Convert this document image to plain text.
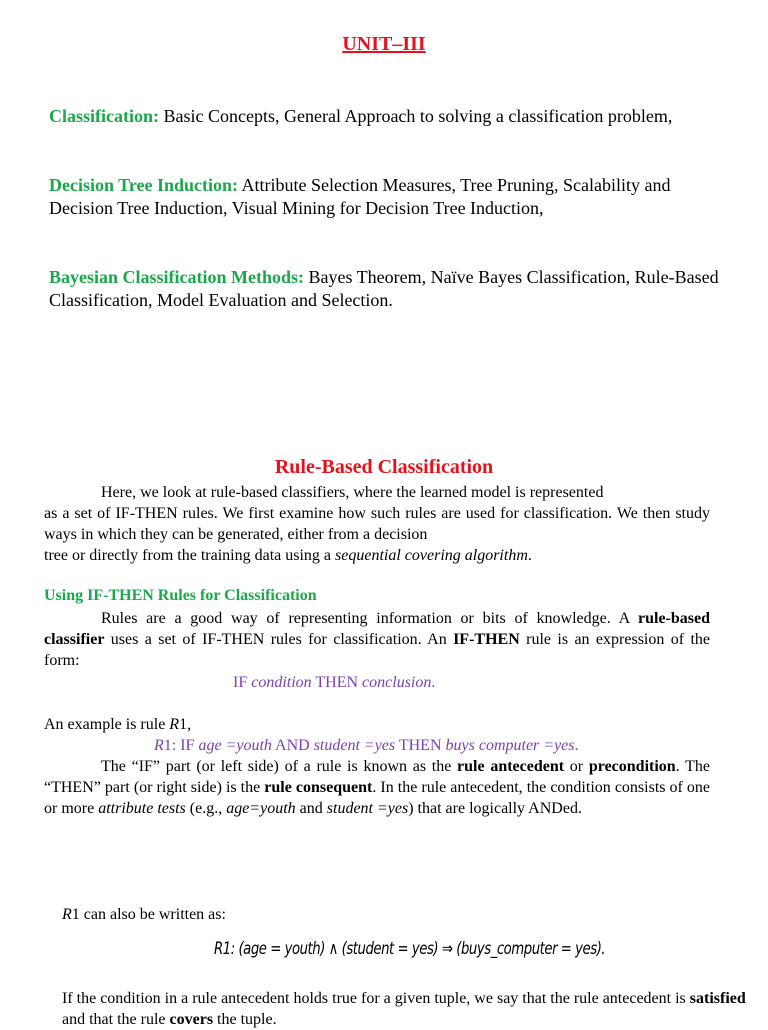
UNIT–III
Classification: Basic Concepts, General Approach to solving a classification problem,
Decision Tree Induction: Attribute Selection Measures, Tree Pruning, Scalability and Decision Tree Induction, Visual Mining for Decision Tree Induction,
Bayesian Classification Methods: Bayes Theorem, Naïve Bayes Classification, Rule-Based Classification, Model Evaluation and Selection.
Rule-Based Classification
Here, we look at rule-based classifiers, where the learned model is represented
as a set of IF-THEN rules. We first examine how such rules are used for classification. We then study ways in which they can be generated, either from a decision
tree or directly from the training data using a sequential covering algorithm.
Using IF-THEN Rules for Classification
Rules are a good way of representing information or bits of knowledge. A rule-based classifier uses a set of IF-THEN rules for classification. An IF-THEN rule is an expression of the form:
IF condition THEN conclusion.
An example is rule R1,
R1: IF age =youth AND student =yes THEN buys computer =yes.
The “IF” part (or left side) of a rule is known as the rule antecedent or precondition. The “THEN” part (or right side) is the rule consequent. In the rule antecedent, the condition consists of one or more attribute tests (e.g., age=youth and student =yes) that are logically ANDed.
R1 can also be written as:
R1: (age = youth) ∧ (student = yes) ⇒ (buys_computer = yes).
If the condition in a rule antecedent holds true for a given tuple, we say that the rule antecedent is satisfied and that the rule covers the tuple.
